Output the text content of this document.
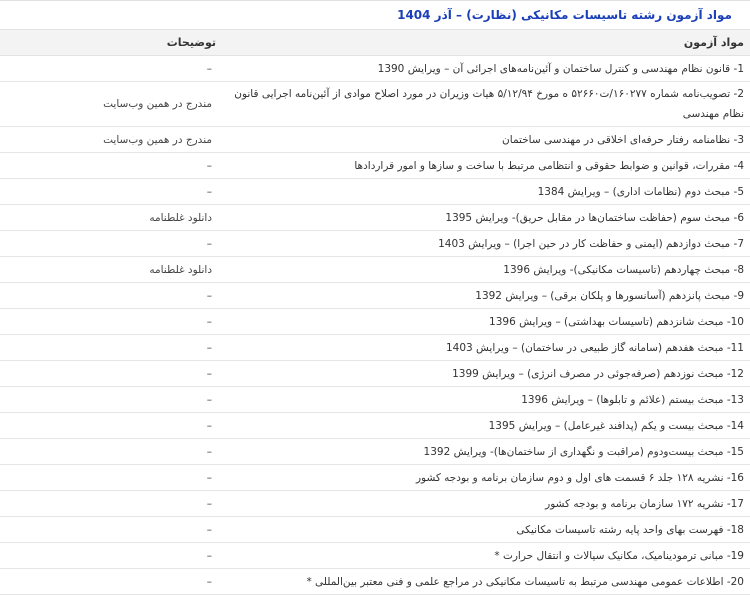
مواد آزمون رشته تاسیسات مکانیکی (نظارت) – آذر 1404
مواد آزمون	توضیحات
1- قانون نظام مهندسی و کنترل ساختمان و آئین‌نامه‌های اجرائی آن – ویرایش 1390	–
2- تصویب‌نامه شماره ۱۶۰۲۷۷/ت۵۲۶۶۰ ه مورخ ۵/۱۲/۹۴ هیات وزیران در مورد اصلاح موادی از آئین‌نامه اجرایی قانون نظام مهندسی	مندرج در همین وب‌سایت
3- نظامنامه رفتار حرفه‌ای اخلاقی در مهندسی ساختمان	مندرج در همین وب‌سایت
4- مقررات، قوانین و ضوابط حقوقی و انتظامی مرتبط با ساخت و سازها و امور قراردادها	–
5- مبحث دوم (نظامات اداری) – ویرایش 1384	–
6- مبحث سوم (حفاظت ساختمان‌ها در مقابل حریق)- ویرایش 1395	دانلود غلطنامه
7- مبحث دوازدهم (ایمنی و حفاظت کار در حین اجرا) – ویرایش 1403	–
8- مبحث چهاردهم (تاسیسات مکانیکی)- ویرایش 1396	دانلود غلطنامه
9- مبحث پانزدهم (آسانسورها و پلکان برقی) – ویرایش 1392	–
10- مبحث شانزدهم (تاسیسات بهداشتی) – ویرایش 1396	–
11- مبحث هفدهم (سامانه گاز طبیعی در ساختمان) – ویرایش 1403	–
12- مبحث نوزدهم (صرفه‌جوئی در مصرف انرژی) – ویرایش 1399	–
13- مبحث بیستم (علائم و تابلوها) – ویرایش 1396	–
14- مبحث بیست و یکم (پدافند غیرعامل) – ویرایش 1395	–
15- مبحث بیست‌ودوم (مراقبت و نگهداری از ساختمان‌ها)- ویرایش 1392	–
16- نشریه ۱۲۸ جلد ۶ قسمت های اول و دوم سازمان برنامه و بودجه کشور	–
17- نشریه ۱۷۲ سازمان برنامه و بودجه کشور	–
18- فهرست بهای واحد پایه رشته تاسیسات مکانیکی	–
19- مبانی ترمودینامیک، مکانیک سیالات و انتقال حرارت *	–
20- اطلاعات عمومی مهندسی مرتبط به تاسیسات مکانیکی در مراجع علمی و فنی معتبر بین‌المللی *	–
